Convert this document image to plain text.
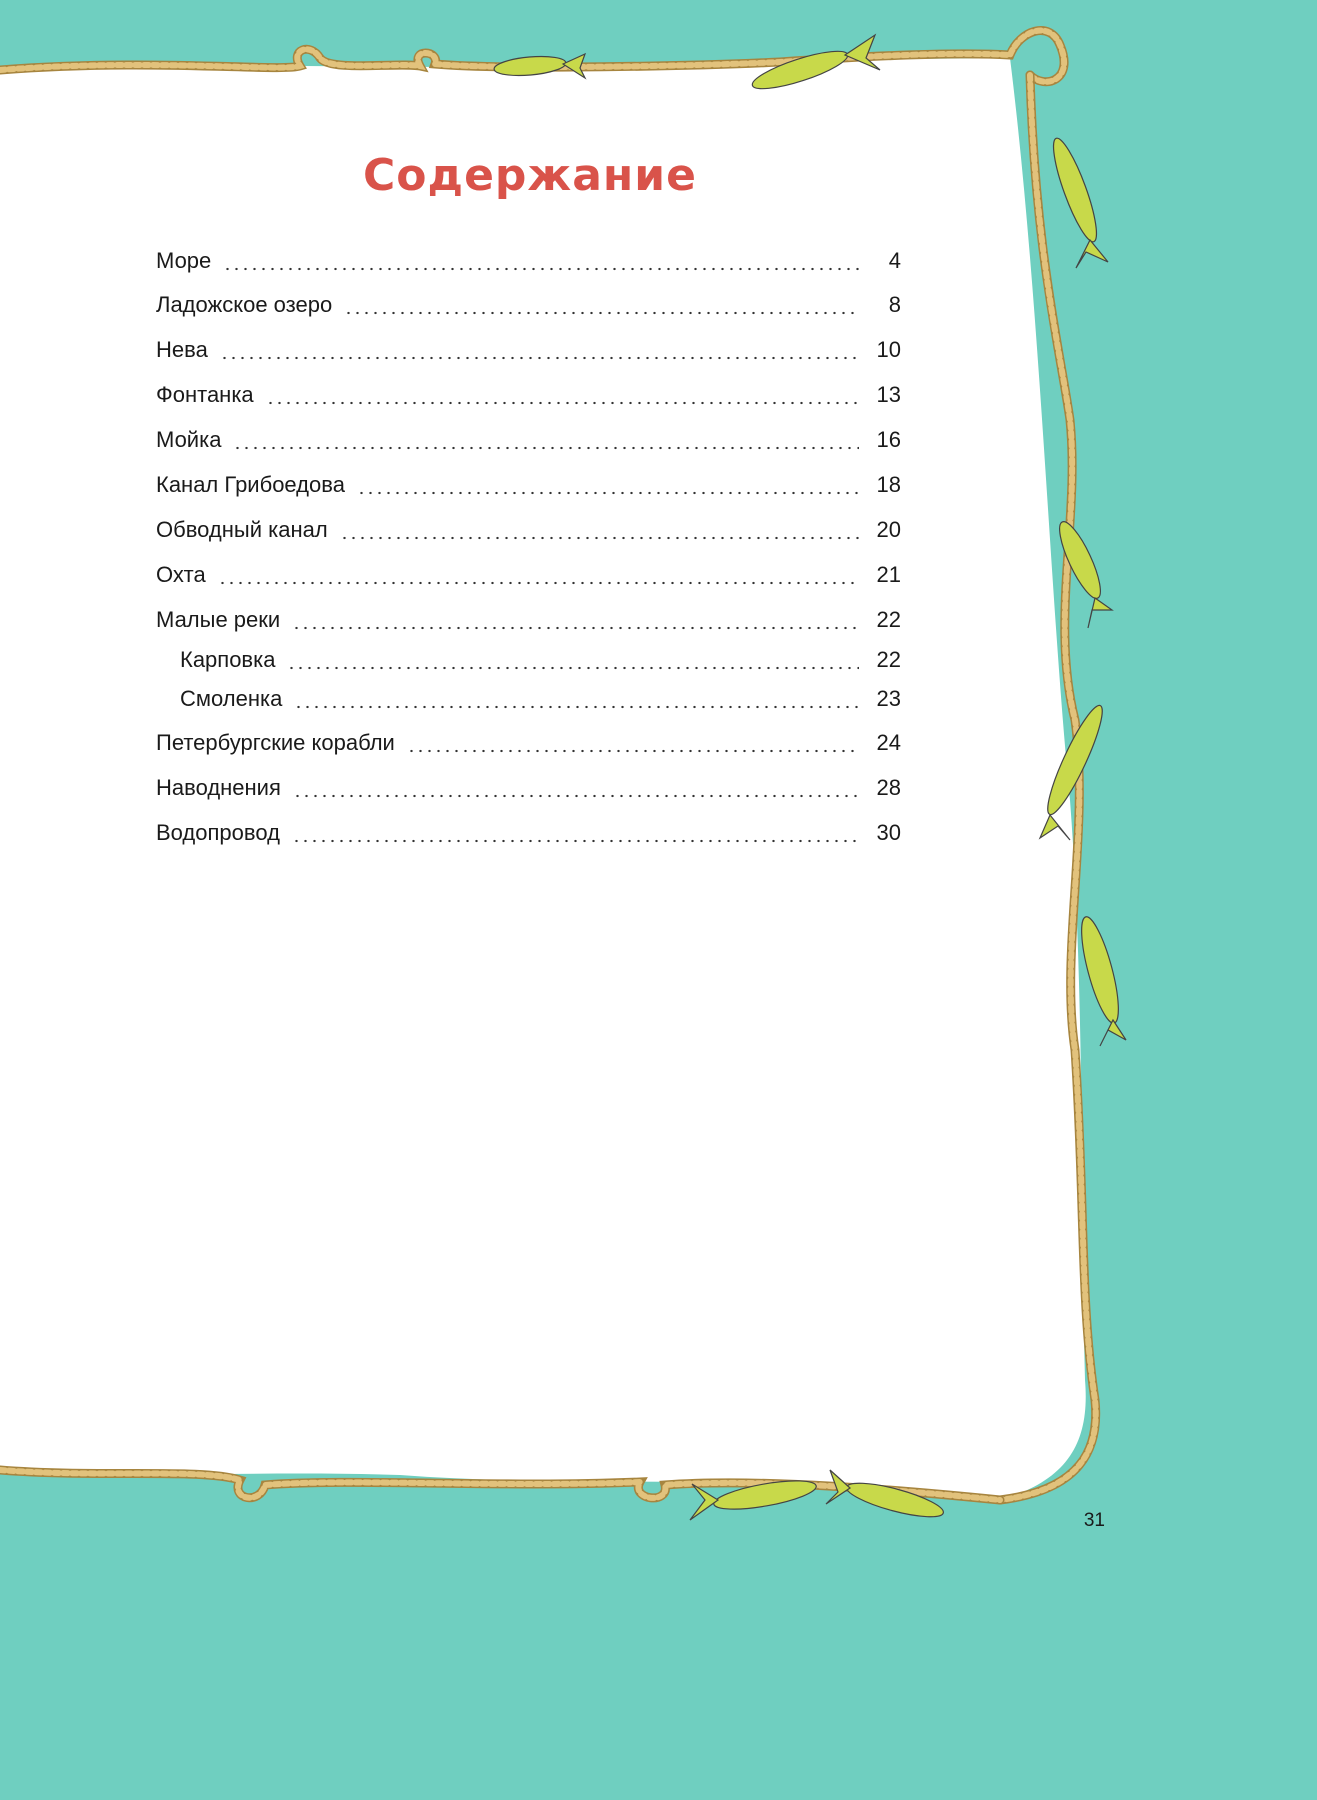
Содержание
Море	4
Ладожское озеро	8
Нева	10
Фонтанка	13
Мойка	16
Канал Грибоедова	18
Обводный канал	20
Охта	21
Малые реки	22
Карповка	22
Смоленка	23
Петербургские корабли	24
Наводнения	28
Водопровод	30
31
